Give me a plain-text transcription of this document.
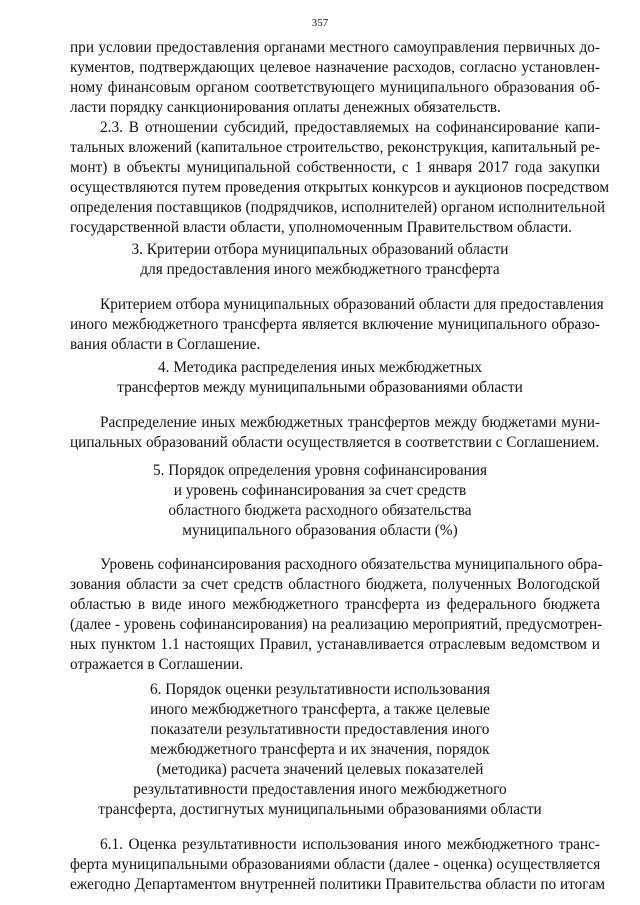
357
при условии предоставления органами местного самоуправления первичных до-
кументов, подтверждающих целевое назначение расходов, согласно установлен-
ному финансовым органом соответствующего муниципального образования об-
ласти порядку санкционирования оплаты денежных обязательств.
2.3. В отношении субсидий, предоставляемых на софинансирование капи-
тальных вложений (капитальное строительство, реконструкция, капитальный ре-
монт) в объекты муниципальной собственности, с 1 января 2017 года закупки
осуществляются путем проведения открытых конкурсов и аукционов посредством
определения поставщиков (подрядчиков, исполнителей) органом исполнительной
государственной власти области, уполномоченным Правительством области.
3. Критерии отбора муниципальных образований области
для предоставления иного межбюджетного трансферта
Критерием отбора муниципальных образований области для предоставления
иного межбюджетного трансферта является включение муниципального образо-
вания области в Соглашение.
4. Методика распределения иных межбюджетных
трансфертов между муниципальными образованиями области
Распределение иных межбюджетных трансфертов между бюджетами муни-
ципальных образований области осуществляется в соответствии с Соглашением.
5. Порядок определения уровня софинансирования
и уровень софинансирования за счет средств
областного бюджета расходного обязательства
муниципального образования области (%)
Уровень софинансирования расходного обязательства муниципального обра-
зования области за счет средств областного бюджета, полученных Вологодской
областью в виде иного межбюджетного трансферта из федерального бюджета
(далее - уровень софинансирования) на реализацию мероприятий, предусмотрен-
ных пунктом 1.1 настоящих Правил, устанавливается отраслевым ведомством и
отражается в Соглашении.
6. Порядок оценки результативности использования
иного межбюджетного трансферта, а также целевые
показатели результативности предоставления иного
межбюджетного трансферта и их значения, порядок
(методика) расчета значений целевых показателей
результативности предоставления иного межбюджетного
трансферта, достигнутых муниципальными образованиями области
6.1. Оценка результативности использования иного межбюджетного транс-
ферта муниципальными образованиями области (далее - оценка) осуществляется
ежегодно Департаментом внутренней политики Правительства области по итогам
